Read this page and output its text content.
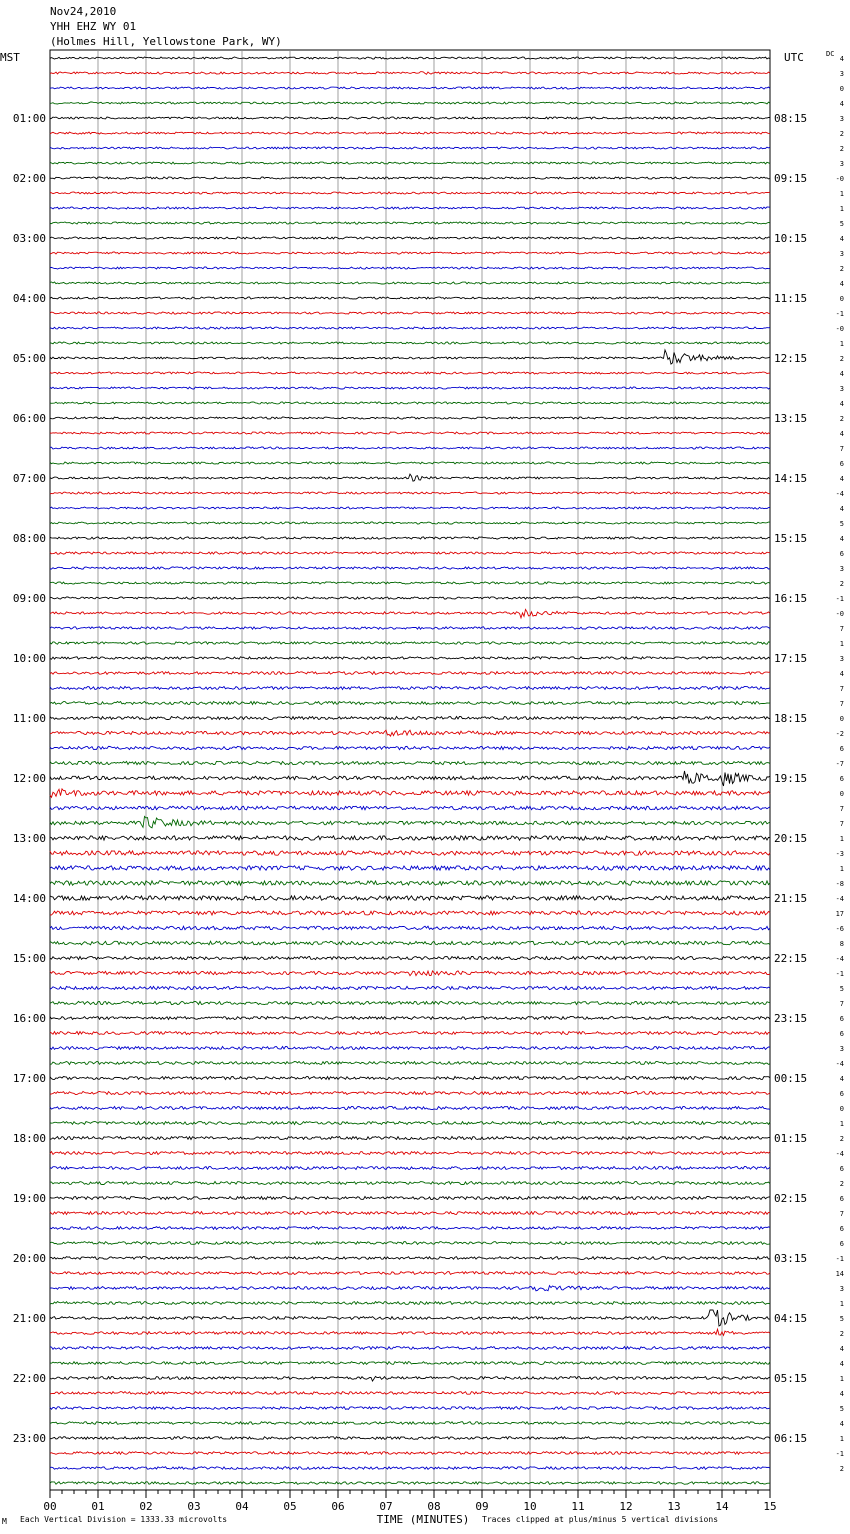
Nov24,2010
YHH EHZ WY 01
(Holmes Hill, Yellowstone Park, WY)
01:00
02:00
03:00
04:00
05:00
06:00
07:00
08:00
09:00
10:00
11:00
12:00
13:00
14:00
15:00
16:00
17:00
18:00
19:00
20:00
21:00
22:00
23:00
08:15
09:15
10:15
11:15
12:15
13:15
14:15
15:15
16:15
17:15
18:15
19:15
20:15
21:15
22:15
23:15
00:15
01:15
02:15
03:15
04:15
05:15
06:15
4
3
0
4
3
2
2
3
-0
1
1
5
4
3
2
4
0
-1
-0
1
2
4
3
4
2
4
7
6
4
-4
4
5
4
6
3
2
-1
-0
7
1
3
4
7
7
0
-2
6
-7
6
0
7
7
1
-3
1
-8
-4
17
-6
8
-4
-1
5
7
6
6
3
-4
4
6
0
1
2
-4
6
2
6
7
6
6
-1
14
3
1
5
2
4
4
1
4
5
4
1
-1
2
00	01	02	03	04	05	06	07	08	09	10	11	12	13	14	15
MST	UTC	DC
TIME (MINUTES)
M Each Vertical Division = 1333.33 microvolts	Traces clipped at plus/minus 5 vertical divisions
